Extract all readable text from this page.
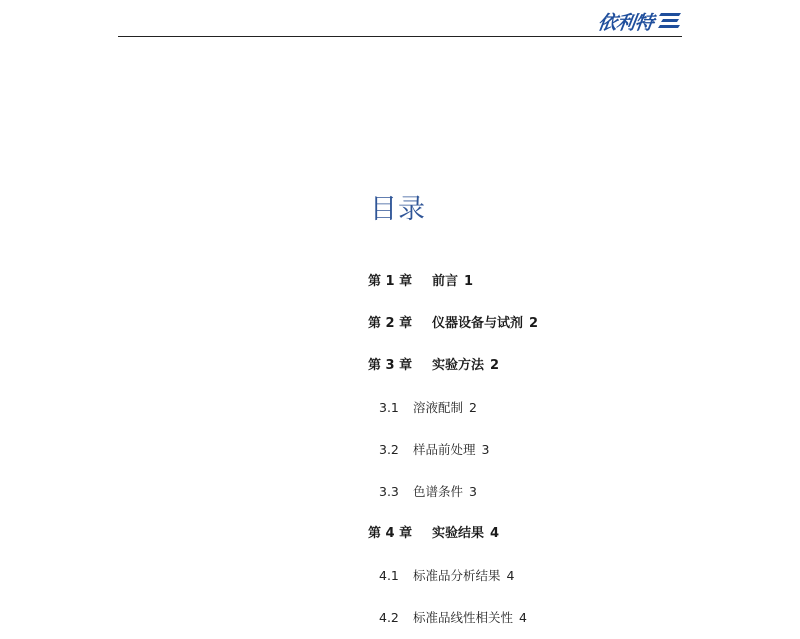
依利特
目录
第 1 章 前言 1
第 2 章 仪器设备与试剂 2
第 3 章 实验方法 2
3.1 溶液配制 2
3.2 样品前处理 3
3.3 色谱条件 3
第 4 章 实验结果 4
4.1 标准品分析结果 4
4.2 标准品线性相关性 4
